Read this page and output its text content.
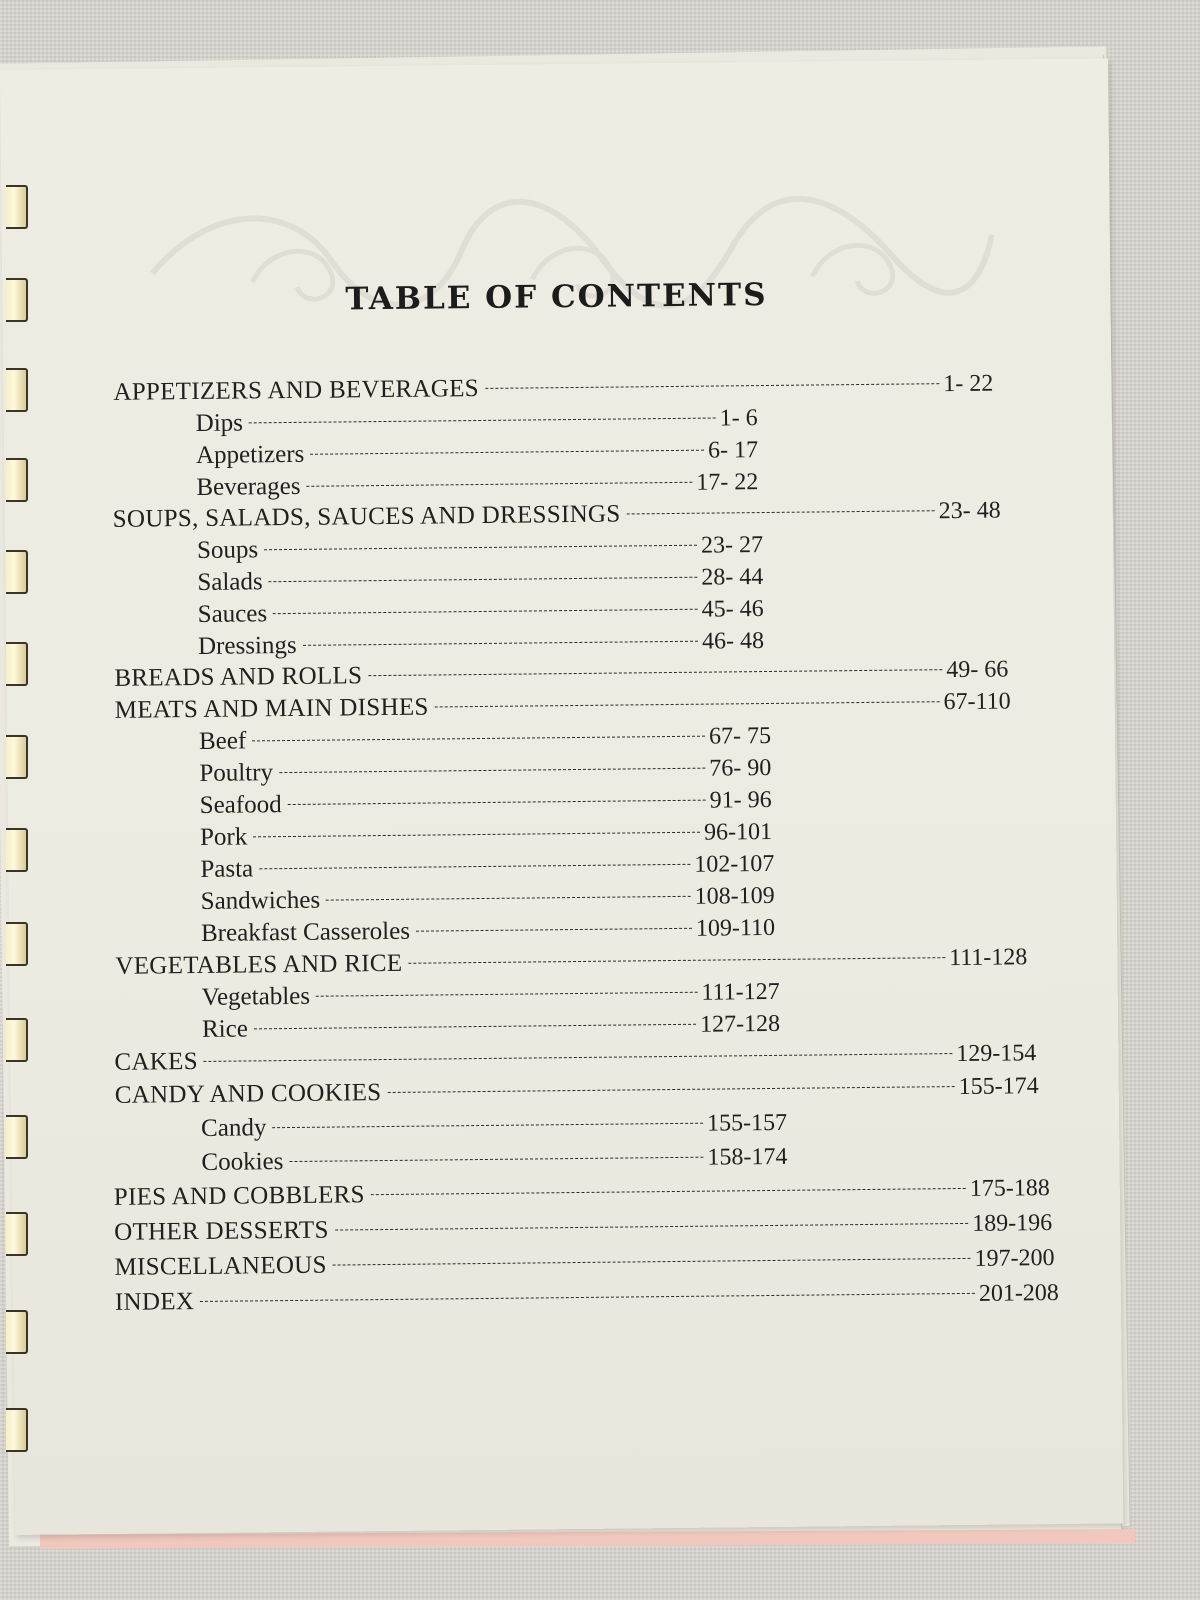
TABLE OF CONTENTS
APPETIZERS AND BEVERAGES	1- 22
Dips	1- 6
Appetizers	6- 17
Beverages	17- 22
SOUPS, SALADS, SAUCES AND DRESSINGS	23- 48
Soups	23- 27
Salads	28- 44
Sauces	45- 46
Dressings	46- 48
BREADS AND ROLLS	49- 66
MEATS AND MAIN DISHES	67-110
Beef	67- 75
Poultry	76- 90
Seafood	91- 96
Pork	96-101
Pasta	102-107
Sandwiches	108-109
Breakfast Casseroles	109-110
VEGETABLES AND RICE	111-128
Vegetables	111-127
Rice	127-128
CAKES	129-154
CANDY AND COOKIES	155-174
Candy	155-157
Cookies	158-174
PIES AND COBBLERS	175-188
OTHER DESSERTS	189-196
MISCELLANEOUS	197-200
INDEX	201-208
